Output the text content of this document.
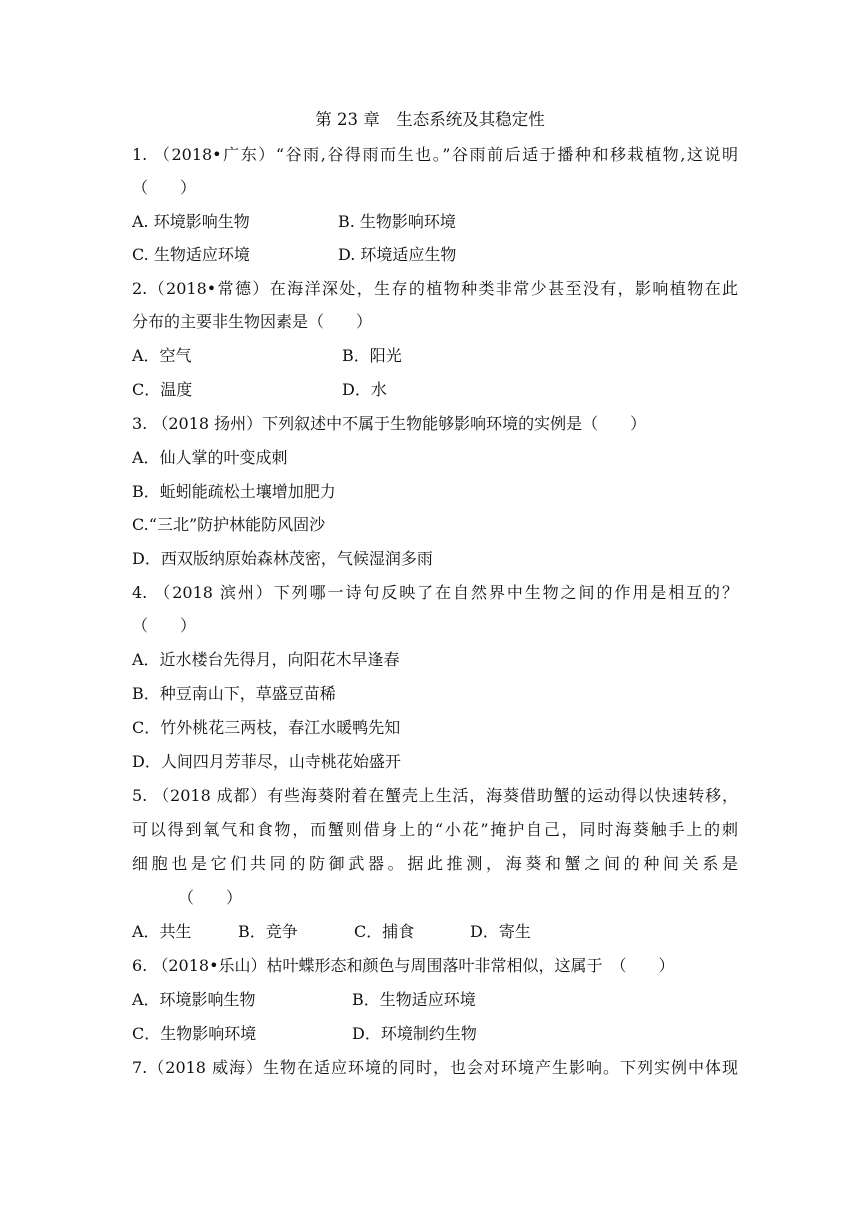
第 23 章　生态系统及其稳定性
1. （2018•广东）“谷雨,谷得雨而生也。”谷雨前后适于播种和移栽植物,这说明
（　　）
A. 环境影响生物	B. 生物影响环境
C. 生物适应环境	D. 环境适应生物
2.（2018•常德）在海洋深处，生存的植物种类非常少甚至没有，影响植物在此
分布的主要非生物因素是（　　）
A．空气	B．阳光
C．温度	D．水
3. （2018 扬州）下列叙述中不属于生物能够影响环境的实例是（　　）
A．仙人掌的叶变成刺
B．蚯蚓能疏松土壤增加肥力
C.“三北”防护林能防风固沙
D．西双版纳原始森林茂密，气候湿润多雨
4. （2018 滨州）下列哪一诗句反映了在自然界中生物之间的作用是相互的？
（　　）
A．近水楼台先得月，向阳花木早逢春
B．种豆南山下，草盛豆苗稀
C．竹外桃花三两枝，春江水暖鸭先知
D．人间四月芳菲尽，山寺桃花始盛开
5. （2018 成都）有些海葵附着在蟹壳上生活，海葵借助蟹的运动得以快速转移，
可以得到氧气和食物，而蟹则借身上的“小花”掩护自己，同时海葵触手上的刺
细胞也是它们共同的防御武器。据此推测，海葵和蟹之间的种间关系是
（　　）
A．共生	B．竞争	C．捕食	D．寄生
6. （2018•乐山）枯叶蝶形态和颜色与周围落叶非常相似，这属于　（　　）
A．环境影响生物	B．生物适应环境
C．生物影响环境	D．环境制约生物
7.（2018 威海）生物在适应环境的同时，也会对环境产生影响。下列实例中体现
